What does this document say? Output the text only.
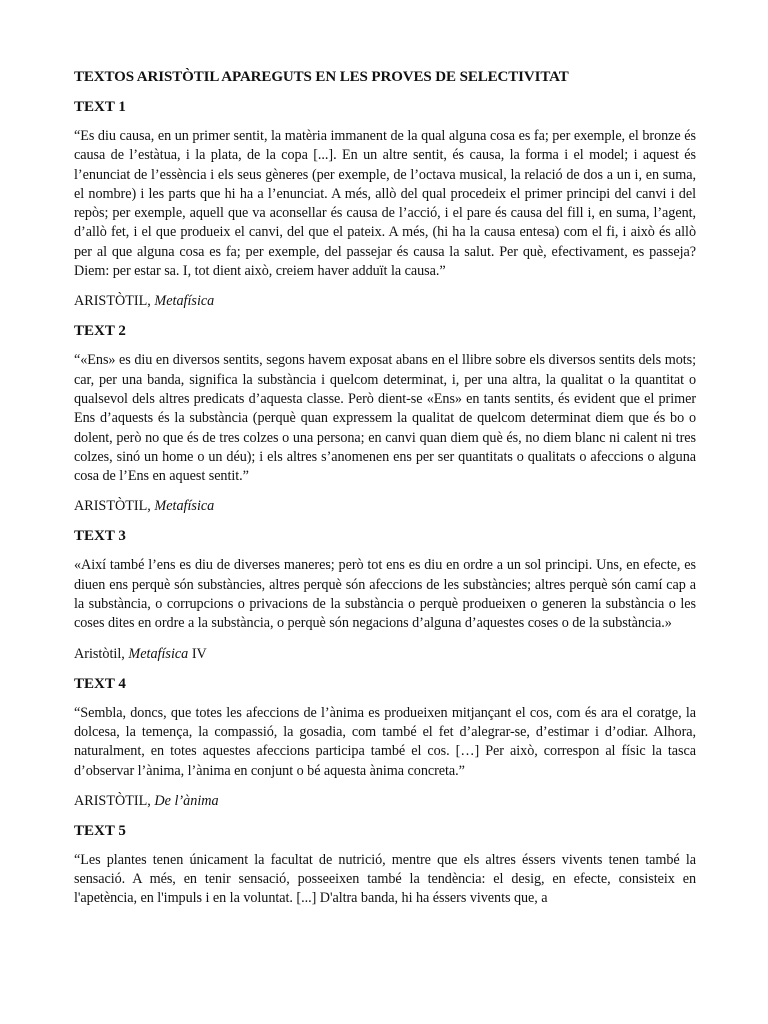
TEXTOS ARISTÒTIL APAREGUTS EN LES PROVES DE SELECTIVITAT
TEXT 1

“Es diu causa, en un primer sentit, la matèria immanent de la qual alguna cosa es fa; per exemple, el bronze és causa de l’estàtua, i la plata, de la copa [...]. En un altre sentit, és causa, la forma i el model; i aquest és l’enunciat de l’essència i els seus gèneres (per exemple, de l’octava musical, la relació de dos a un i, en suma, el nombre) i les parts que hi ha a l’enunciat. A més, allò del qual procedeix el primer principi del canvi i del repòs; per exemple, aquell que va aconsellar és causa de l’acció, i el pare és causa del fill i, en suma, l’agent, d’allò fet, i el que produeix el canvi, del que el pateix. A més, (hi ha la causa entesa) com el fi, i això és allò per al que alguna cosa es fa; per exemple, del passejar és causa la salut. Per què, efectivament, es passeja? Diem: per estar sa. I, tot dient això, creiem haver adduït la causa.”

ARISTÒTIL, Metafísica

TEXT 2

“«Ens» es diu en diversos sentits, segons havem exposat abans en el llibre sobre els diversos sentits dels mots; car, per una banda, significa la substància i quelcom determinat, i, per una altra, la qualitat o la quantitat o qualsevol dels altres predicats d’aquesta classe. Però dient-se «Ens» en tants sentits, és evident que el primer Ens d’aquests és la substància (perquè quan expressem la qualitat de quelcom determinat diem que és bo o dolent, però no que és de tres colzes o una persona; en canvi quan diem què és, no diem blanc ni calent ni tres colzes, sinó un home o un déu); i els altres s’anomenen ens per ser quantitats o qualitats o afeccions o alguna cosa de l’Ens en aquest sentit.”

ARISTÒTIL, Metafísica

TEXT 3

«Així també l’ens es diu de diverses maneres; però tot ens es diu en ordre a un sol principi. Uns, en efecte, es diuen ens perquè són substàncies, altres perquè són afeccions de les substàncies; altres perquè són camí cap a la substància, o corrupcions o privacions de la substància o perquè produeixen o generen la substància o les coses dites en ordre a la substància, o perquè són negacions d’alguna d’aquestes coses o de la substància.»

Aristòtil, Metafísica IV

TEXT 4

“Sembla, doncs, que totes les afeccions de l’ànima es produeixen mitjançant el cos, com és ara el coratge, la dolcesa, la temença, la compassió, la gosadia, com també el fet d’alegrar-se, d’estimar i d’odiar. Alhora, naturalment, en totes aquestes afeccions participa també el cos. […] Per això, correspon al físic la tasca d’observar l’ànima, l’ànima en conjunt o bé aquesta ànima concreta.”

ARISTÒTIL, De l’ànima

TEXT 5

“Les plantes tenen únicament la facultat de nutrició, mentre que els altres éssers vivents tenen també la sensació. A més, en tenir sensació, posseeixen també la tendència: el desig, en efecte, consisteix en l'apetència, en l'impuls i en la voluntat. [...] D'altra banda, hi ha éssers vivents que, a
